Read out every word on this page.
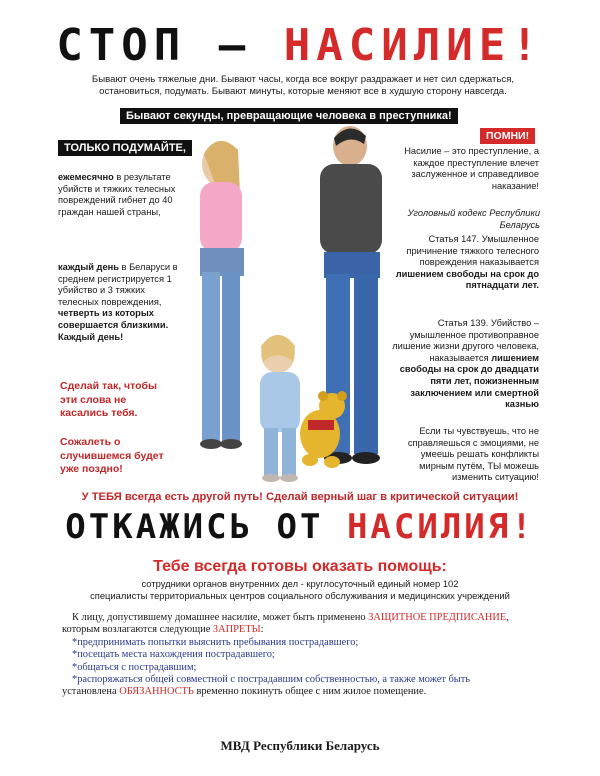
СТОП – НАСИЛИЕ!
Бывают очень тяжелые дни. Бывают часы, когда все вокруг раздражает и нет сил сдержаться, остановиться, подумать. Бывают минуты, которые меняют все в худшую сторону навсегда.
Бывают секунды, превращающие человека в преступника!
ТОЛЬКО ПОДУМАЙТЕ,
ежемесячно в результате убийств и тяжких телесных повреждений гибнет до 40 граждан нашей страны,
каждый день в Беларуси в среднем регистрируется 1 убийство и 3 тяжких телесных повреждения, четверть из которых совершается близкими.
Каждый день!
Сделай так, чтобы эти слова не касались тебя.
Сожалеть о случившемся будет уже поздно!
ПОМНИ!
Насилие – это преступление, а каждое преступление влечет заслуженное и справедливое наказание!
Уголовный кодекс Республики Беларусь
Статья 147. Умышленное причинение тяжкого телесного повреждения наказывается лишением свободы на срок до пятнадцати лет.
Статья 139. Убийство – умышленное противоправное лишение жизни другого человека, наказывается лишением свободы на срок до двадцати пяти лет, пожизненным заключением или смертной казнью
Если ты чувствуешь, что не справляешься с эмоциями, не умеешь решать конфликты мирным путём, ТЫ можешь изменить ситуацию!
У ТЕБЯ всегда есть другой путь! Сделай верный шаг в критической ситуации!
ОТКАЖИСЬ ОТ НАСИЛИЯ!
Тебе всегда готовы оказать помощь:
сотрудники органов внутренних дел - круглосуточный единый номер 102
специалисты территориальных центров социального обслуживания и медицинских учреждений

К лицу, допустившему домашнее насилие, может быть применено ЗАЩИТНОЕ ПРЕДПИСАНИЕ,

которым возлагаются следующие ЗАПРЕТЫ:

*предпринимать попытки выяснить пребывания пострадавшего;

*посещать места нахождения пострадавшего;

*общаться с пострадавшим;

*распоряжаться общей совместной с пострадавшим собственностью, а также может быть

установлена ОБЯЗАННОСТЬ временно покинуть общее с ним жилое помещение.

МВД Республики Беларусь
